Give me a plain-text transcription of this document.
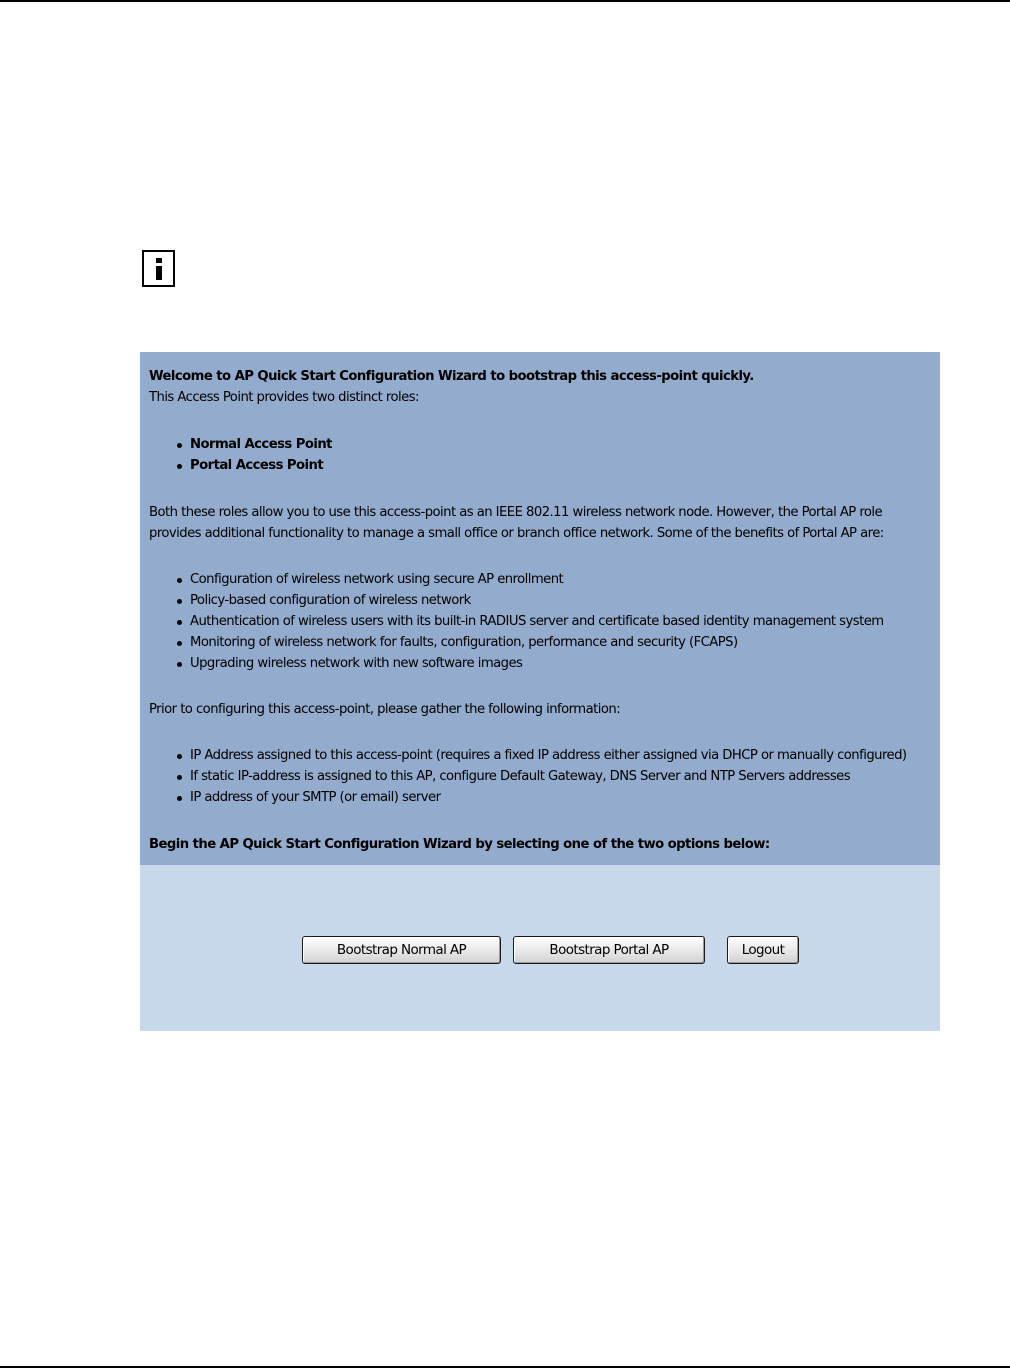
Welcome to AP Quick Start Configuration Wizard to bootstrap this access-point quickly.

This Access Point provides two distinct roles:

Normal Access Point
Portal Access Point

Both these roles allow you to use this access-point as an IEEE 802.11 wireless network node. However, the Portal AP role provides additional functionality to manage a small office or branch office network. Some of the benefits of Portal AP are:

Configuration of wireless network using secure AP enrollment
Policy-based configuration of wireless network
Authentication of wireless users with its built-in RADIUS server and certificate based identity management system
Monitoring of wireless network for faults, configuration, performance and security (FCAPS)
Upgrading wireless network with new software images

Prior to configuring this access-point, please gather the following information:

IP Address assigned to this access-point (requires a fixed IP address either assigned via DHCP or manually configured)
If static IP-address is assigned to this AP, configure Default Gateway, DNS Server and NTP Servers addresses
IP address of your SMTP (or email) server

Begin the AP Quick Start Configuration Wizard by selecting one of the two options below:

Bootstrap Normal AP	Bootstrap Portal AP	Logout
